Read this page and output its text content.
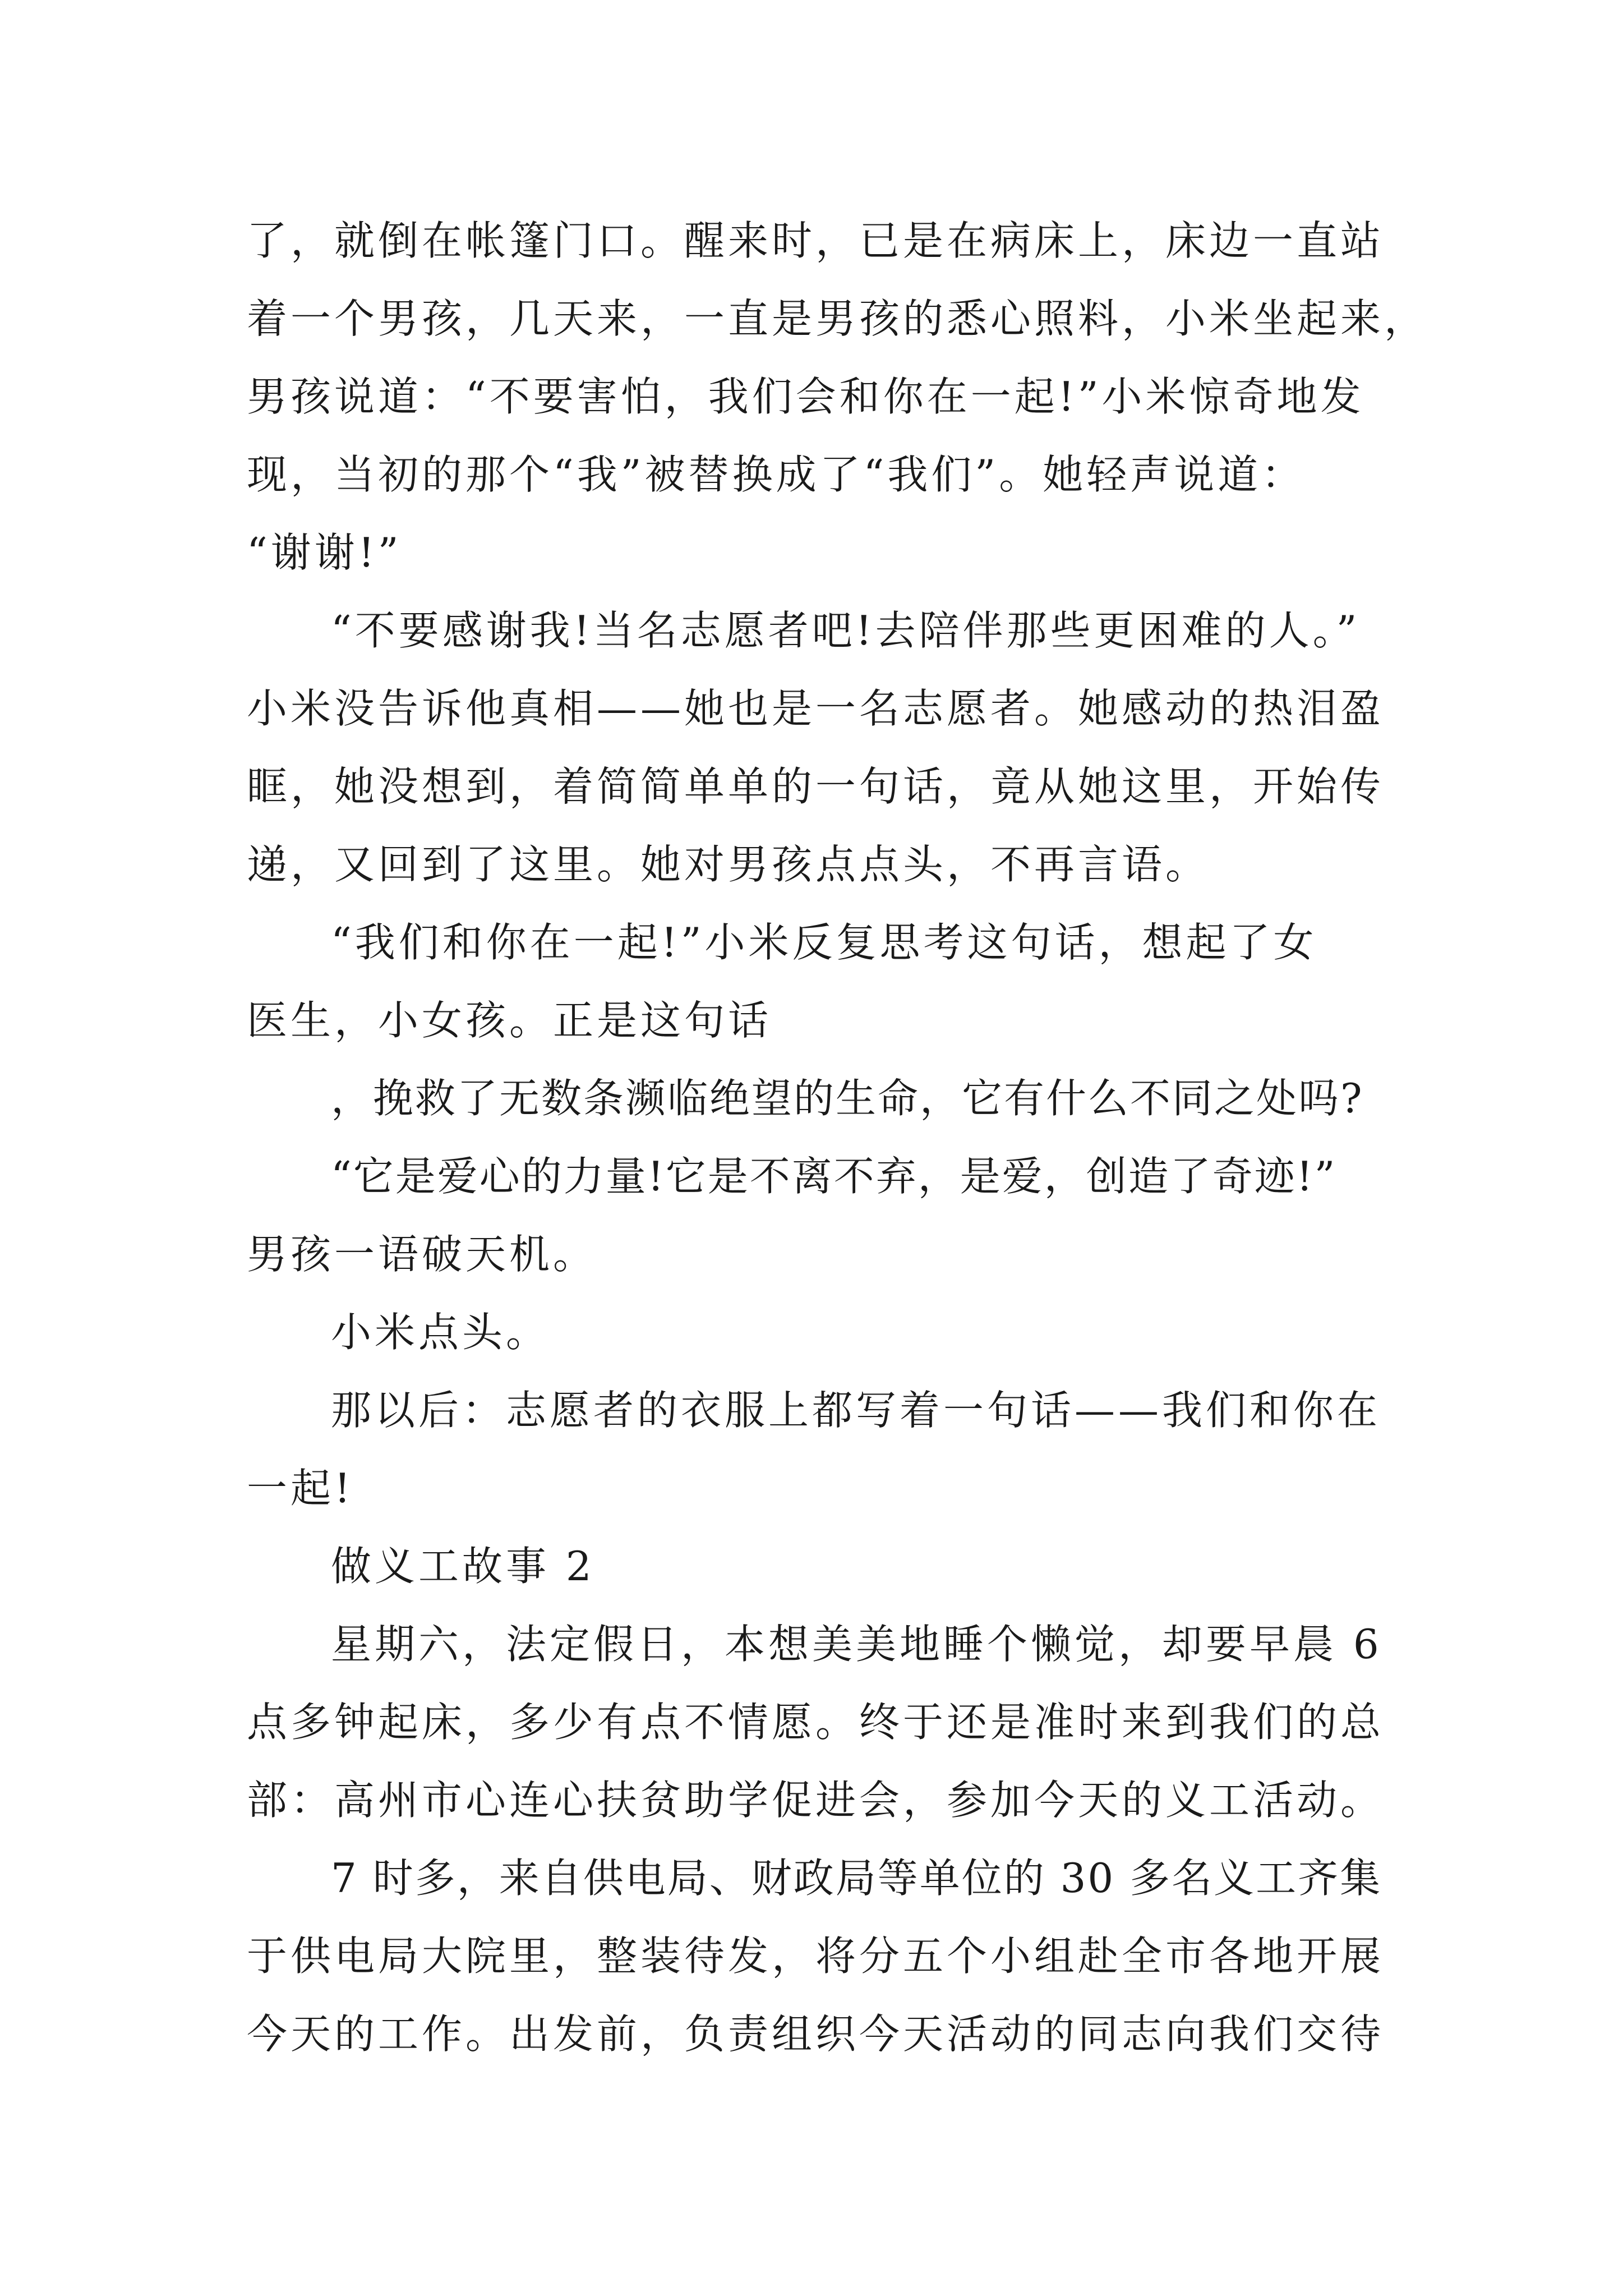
了，就倒在帐篷门口。醒来时，已是在病床上，床边一直站
着一个男孩，几天来，一直是男孩的悉心照料，小米坐起来，
男孩说道：“不要害怕，我们会和你在一起!”小米惊奇地发
现，当初的那个“我”被替换成了“我们”。她轻声说道：
“谢谢!”
“不要感谢我!当名志愿者吧!去陪伴那些更困难的人。”
小米没告诉他真相——她也是一名志愿者。她感动的热泪盈
眶，她没想到，着简简单单的一句话，竟从她这里，开始传
递，又回到了这里。她对男孩点点头，不再言语。
“我们和你在一起!”小米反复思考这句话，想起了女
医生，小女孩。正是这句话
，挽救了无数条濒临绝望的生命，它有什么不同之处吗?
“它是爱心的力量!它是不离不弃，是爱，创造了奇迹!”
男孩一语破天机。
小米点头。
那以后：志愿者的衣服上都写着一句话——我们和你在
一起!
做义工故事 2
星期六，法定假日，本想美美地睡个懒觉，却要早晨 6
点多钟起床，多少有点不情愿。终于还是准时来到我们的总
部：高州市心连心扶贫助学促进会，参加今天的义工活动。
7 时多，来自供电局、财政局等单位的 30 多名义工齐集
于供电局大院里，整装待发，将分五个小组赴全市各地开展
今天的工作。出发前，负责组织今天活动的同志向我们交待
